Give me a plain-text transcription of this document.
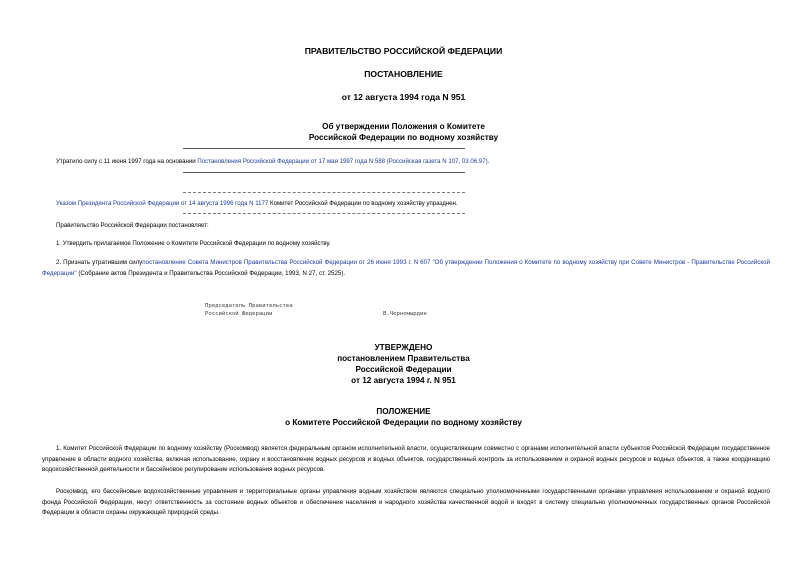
ПРАВИТЕЛЬСТВО РОССИЙСКОЙ ФЕДЕРАЦИИ
ПОСТАНОВЛЕНИЕ
от 12 августа 1994 года N 951
Об утверждении Положения о Комитете
Российской Федерации по водному хозяйству
Утратило силу с 11 июня 1997 года на основании Постановления Российской Федерации от 17 мая 1997 года N 588 (Российская газета N 107, 03.06.97).
Указом Президента Российской Федерации от 14 августа 1996 года N 1177 Комитет Российской Федерации по водному хозяйству упразднен.
Правительство Российской Федерации постановляет:
1. Утвердить прилагаемое Положение о Комитете Российской Федерации по водному хозяйству.
2. Признать утратившим силупостановление Совета Министров Правительства Российской Федерации от 26 июня 1993 г. N 607 "Об утверждении Положения о Комитете по водному хозяйству при Совете Министров - Правительстве Российской Федерации" (Собрание актов Президента и Правительства Российской Федерации, 1993, N 27, ст. 2525).
Председатель Правительства
Российской Федерации	В.Черномырдин
УТВЕРЖДЕНО
постановлением Правительства
Российской Федерации
от 12 августа 1994 г. N 951
ПОЛОЖЕНИЕ
о Комитете Российской Федерации по водному хозяйству
1. Комитет Российской Федерации по водному хозяйству (Роскомвод) является федеральным органом исполнительной власти, осуществляющим совместно с органами исполнительной власти субъектов Российской Федерации государственное управление в области водного хозяйства, включая использование, охрану и восстановление водных ресурсов и водных объектов, государственный контроль за использованием и охраной водных ресурсов и водных объектов, а также координацию водохозяйственной деятельности и бассейновое регулирование использования водных ресурсов.
Роскомвод, его бассейновые водохозяйственные управления и территориальные органы управления водным хозяйством являются специально уполномоченными государственными органами управления использованием и охраной водного фонда Российской Федерации, несут ответственность за состояние водных объектов и обеспечение населения и народного хозяйства качественной водой и входят в систему специально уполномоченных государственных органов Российской Федерации в области охраны окружающей природной среды.
